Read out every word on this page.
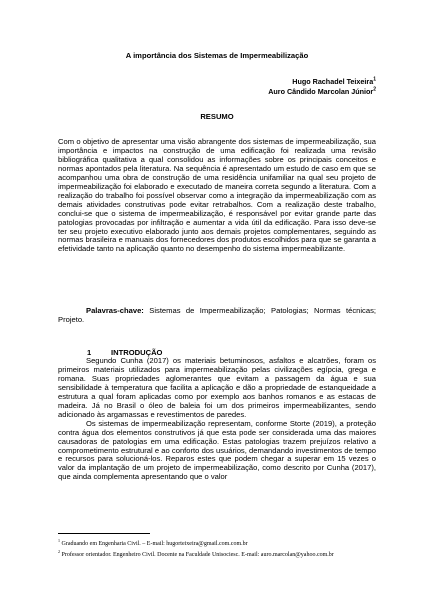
A importância dos Sistemas de Impermeabilização
Hugo Rachadel Teixeira$^1$
Auro Cândido Marcolan Júnior$^2$
RESUMO

Com o objetivo de apresentar uma visão abrangente dos sistemas de impermeabilização, sua importância e impactos na construção de uma edificação foi realizada uma revisão bibliográfica qualitativa a qual consolidou as informações sobre os principais conceitos e normas apontados pela literatura. Na sequência é apresentado um estudo de caso em que se acompanhou uma obra de construção de uma residência unifamiliar na qual seu projeto de impermeabilização foi elaborado e executado de maneira correta segundo a literatura. Com a realização do trabalho foi possível observar como a integração da impermeabilização com as demais atividades construtivas pode evitar retrabalhos. Com a realização deste trabalho, conclui-se que o sistema de impermeabilização, é responsável por evitar grande parte das patologias provocadas por infiltração e aumentar a vida útil da edificação. Para isso deve-se ter seu projeto executivo elaborado junto aos demais projetos complementares, seguindo as normas brasileira e manuais dos fornecedores dos produtos escolhidos para que se garanta a efetividade tanto na aplicação quanto no desempenho do sistema impermeabilizante.

Palavras-chave: Sistemas de Impermeabilização; Patologias; Normas técnicas; Projeto.

1	INTRODUÇÃO

Segundo Cunha (2017) os materiais betuminosos, asfaltos e alcatrões, foram os primeiros materiais utilizados para impermeabilização pelas civilizações egípcia, grega e romana. Suas propriedades aglomerantes que evitam a passagem da água e sua sensibilidade à temperatura que facilita a aplicação e dão a propriedade de estanqueidade a estrutura a qual foram aplicadas como por exemplo aos banhos romanos e as estacas de madeira. Já no Brasil o óleo de baleia foi um dos primeiros impermeabilizantes, sendo adicionado às argamassas e revestimentos de paredes.

Os sistemas de impermeabilização representam, conforme Storte (2019), a proteção contra água dos elementos construtivos já que esta pode ser considerada uma das maiores causadoras de patologias em uma edificação. Estas patologias trazem prejuízos relativo a comprometimento estrutural e ao conforto dos usuários, demandando investimentos de tempo e recursos para solucioná-los. Reparos estes que podem chegar a superar em 15 vezes o valor da implantação de um projeto de impermeabilização, como descrito por Cunha (2017), que ainda complementa apresentando que o valor

$^1$ Graduando em Engenharia Civil. – E-mail: hugorteixeira@gmail.com.com.br

$^2$ Professor orientador. Engenheiro Civil. Docente na Faculdade Unisociesc. E-mail: auro.marcolan@yahoo.com.br
